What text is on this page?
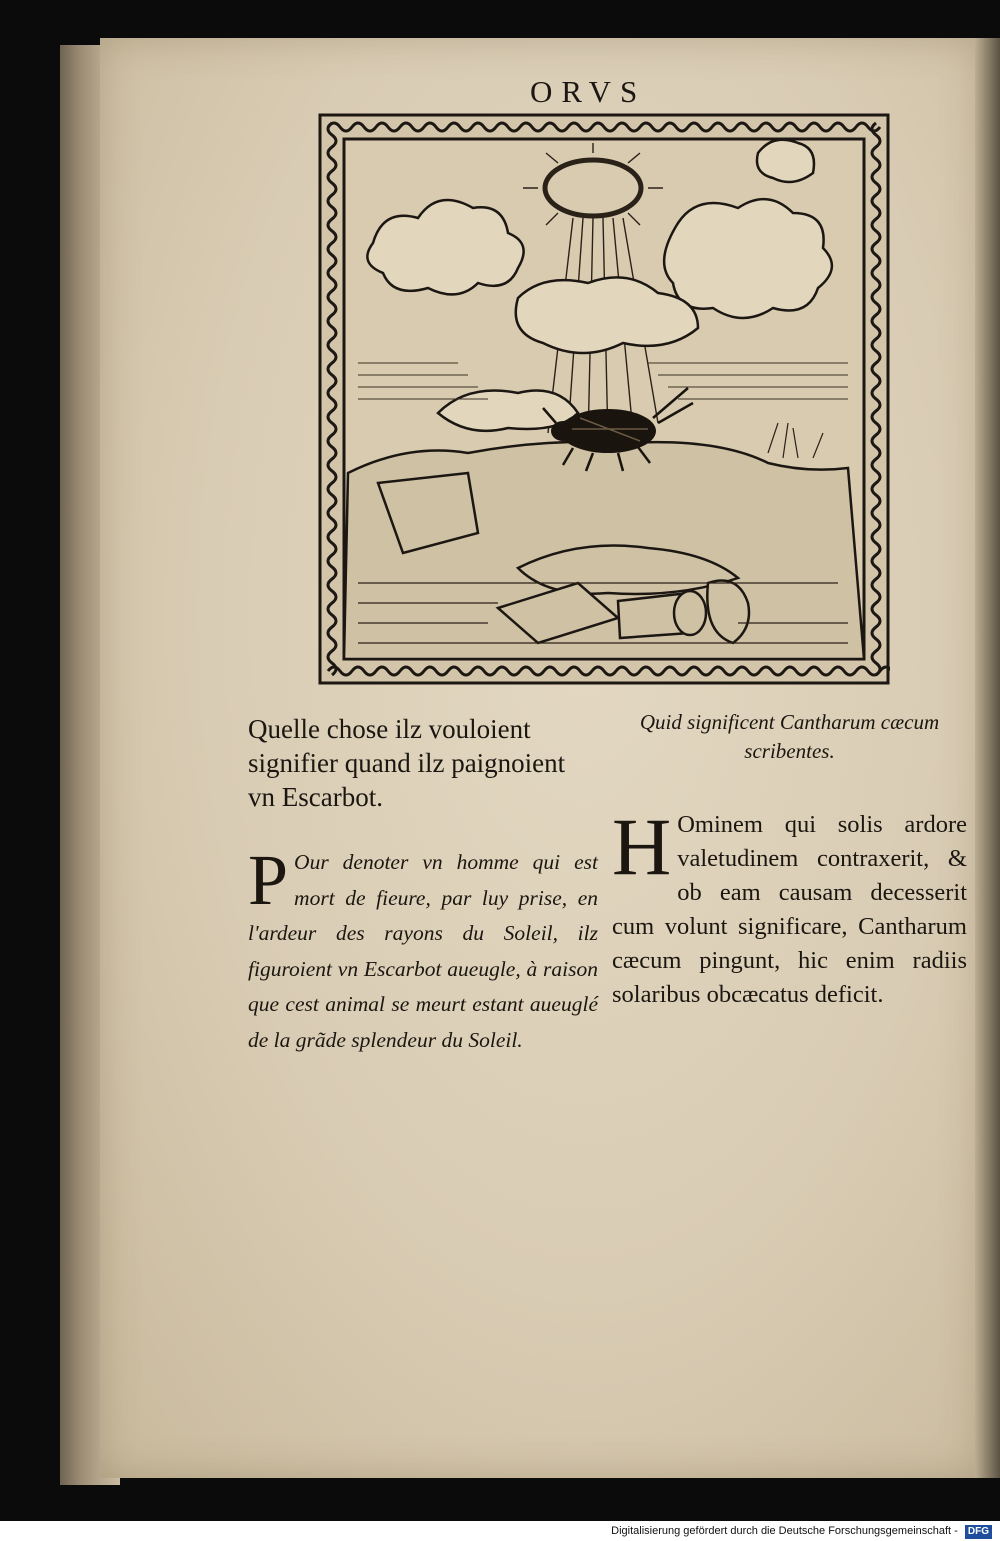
ORVS
Quelle chose ilz vouloient signifier quand ilz paignoient vn Escarbot.
Quid significent Cantharum cæcum scribentes.
P Our denoter vn homme qui est mort de fieure, par luy prise, en l'ardeur des rayons du Soleil, ilz figuroient vn Escarbot aueugle, à raison que cest animal se meurt estant aueuglé de la grãde splendeur du Soleil.
H Ominem qui solis ardore valetudinem contraxerit, & ob eam causam decesserit cum volunt significare, Cantharum cæcum pingunt, hic enim radiis solaribus obcæcatus deficit.
Digitalisierung gefördert durch die Deutsche Forschungsgemeinschaft - DFG
